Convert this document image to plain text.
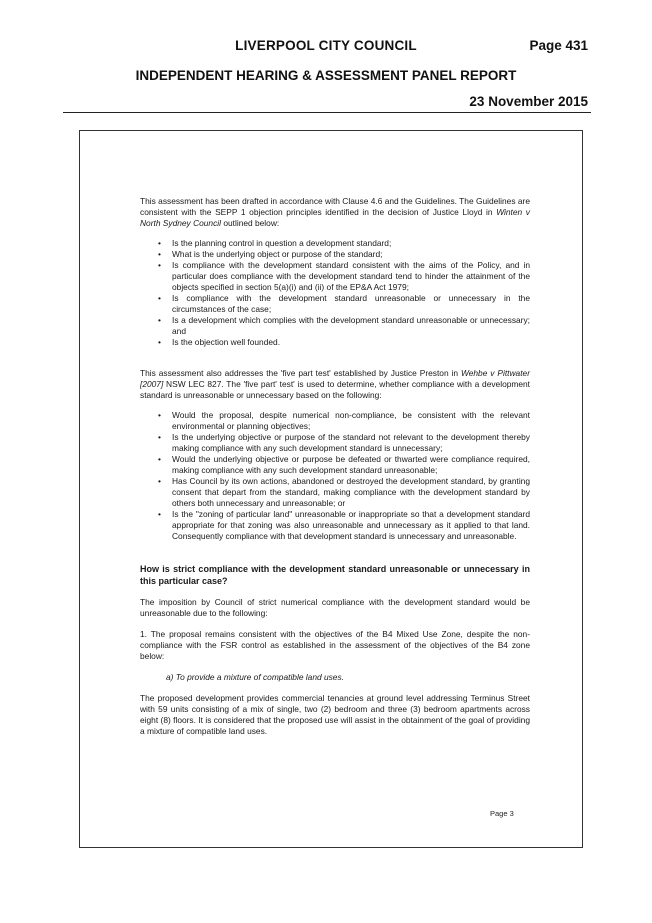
LIVERPOOL CITY COUNCIL	Page 431
INDEPENDENT HEARING & ASSESSMENT PANEL REPORT
23 November 2015

This assessment has been drafted in accordance with Clause 4.6 and the Guidelines. The Guidelines are consistent with the SEPP 1 objection principles identified in the decision of Justice Lloyd in Winten v North Sydney Council outlined below:

• Is the planning control in question a development standard;
• What is the underlying object or purpose of the standard;
• Is compliance with the development standard consistent with the aims of the Policy, and in particular does compliance with the development standard tend to hinder the attainment of the objects specified in section 5(a)(i) and (ii) of the EP&A Act 1979;
• Is compliance with the development standard unreasonable or unnecessary in the circumstances of the case;
• Is a development which complies with the development standard unreasonable or unnecessary; and
• Is the objection well founded.

This assessment also addresses the 'five part test' established by Justice Preston in Wehbe v Pittwater [2007] NSW LEC 827. The 'five part' test' is used to determine, whether compliance with a development standard is unreasonable or unnecessary based on the following:

• Would the proposal, despite numerical non-compliance, be consistent with the relevant environmental or planning objectives;
• Is the underlying objective or purpose of the standard not relevant to the development thereby making compliance with any such development standard is unnecessary;
• Would the underlying objective or purpose be defeated or thwarted were compliance required, making compliance with any such development standard unreasonable;
• Has Council by its own actions, abandoned or destroyed the development standard, by granting consent that depart from the standard, making compliance with the development standard by others both unnecessary and unreasonable; or
• Is the "zoning of particular land" unreasonable or inappropriate so that a development standard appropriate for that zoning was also unreasonable and unnecessary as it applied to that land. Consequently compliance with that development standard is unnecessary and unreasonable.

How is strict compliance with the development standard unreasonable or unnecessary in this particular case?

The imposition by Council of strict numerical compliance with the development standard would be unreasonable due to the following:

1. The proposal remains consistent with the objectives of the B4 Mixed Use Zone, despite the non-compliance with the FSR control as established in the assessment of the objectives of the B4 zone below:

a) To provide a mixture of compatible land uses.

The proposed development provides commercial tenancies at ground level addressing Terminus Street with 59 units consisting of a mix of single, two (2) bedroom and three (3) bedroom apartments across eight (8) floors. It is considered that the proposed use will assist in the obtainment of the goal of providing a mixture of compatible land uses.

Page 3
